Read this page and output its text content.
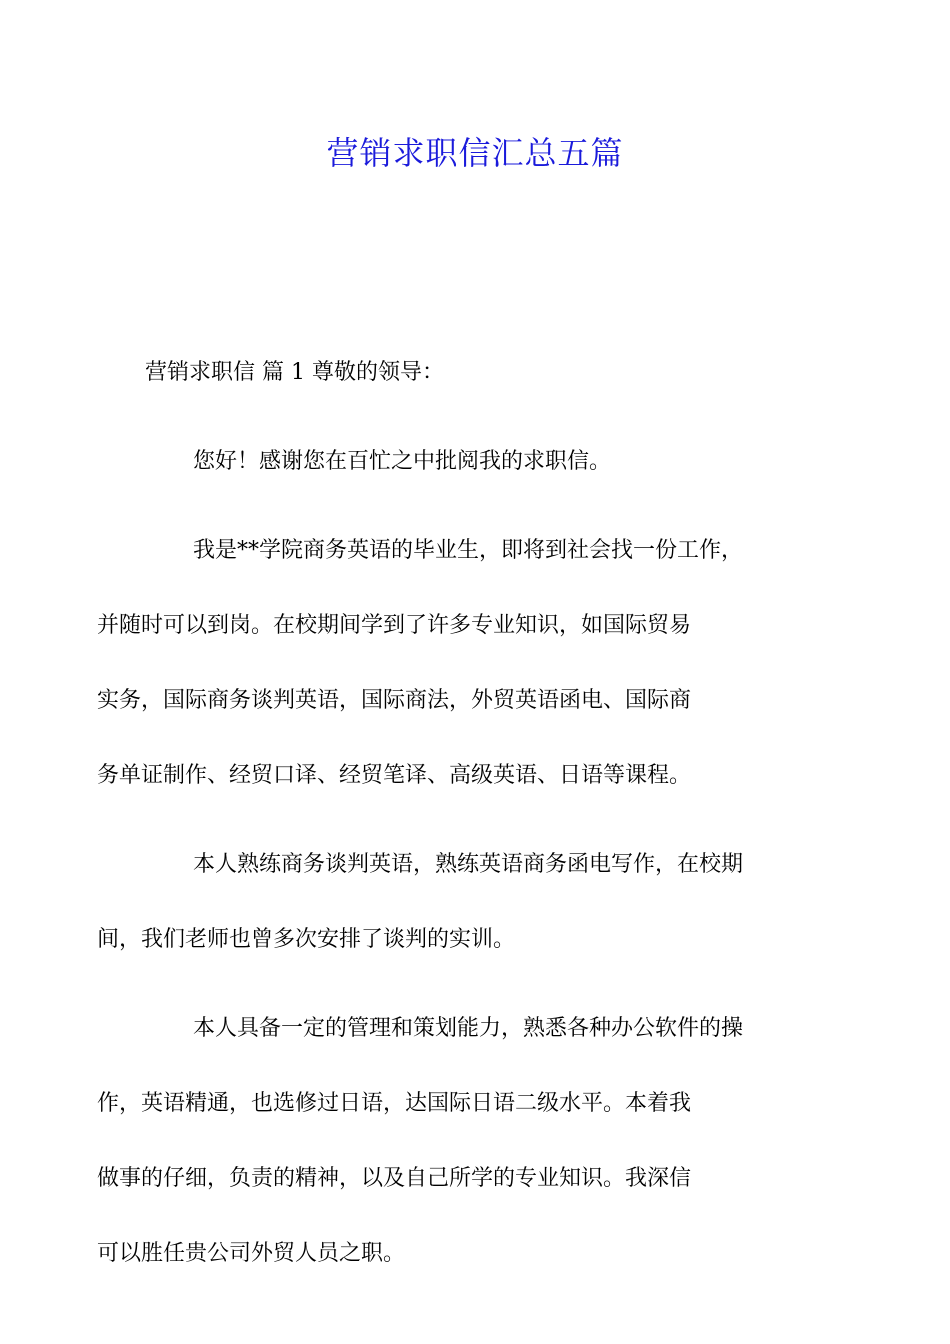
营销求职信汇总五篇

营销求职信 篇 1 尊敬的领导：

您好！感谢您在百忙之中批阅我的求职信。

我是**学院商务英语的毕业生，即将到社会找一份工作，
并随时可以到岗。在校期间学到了许多专业知识，如国际贸易
实务，国际商务谈判英语，国际商法，外贸英语函电、国际商
务单证制作、经贸口译、经贸笔译、高级英语、日语等课程。

本人熟练商务谈判英语，熟练英语商务函电写作，在校期
间，我们老师也曾多次安排了谈判的实训。

本人具备一定的管理和策划能力，熟悉各种办公软件的操
作，英语精通，也选修过日语，达国际日语二级水平。本着我
做事的仔细，负责的精神，以及自己所学的专业知识。我深信
可以胜任贵公司外贸人员之职。
